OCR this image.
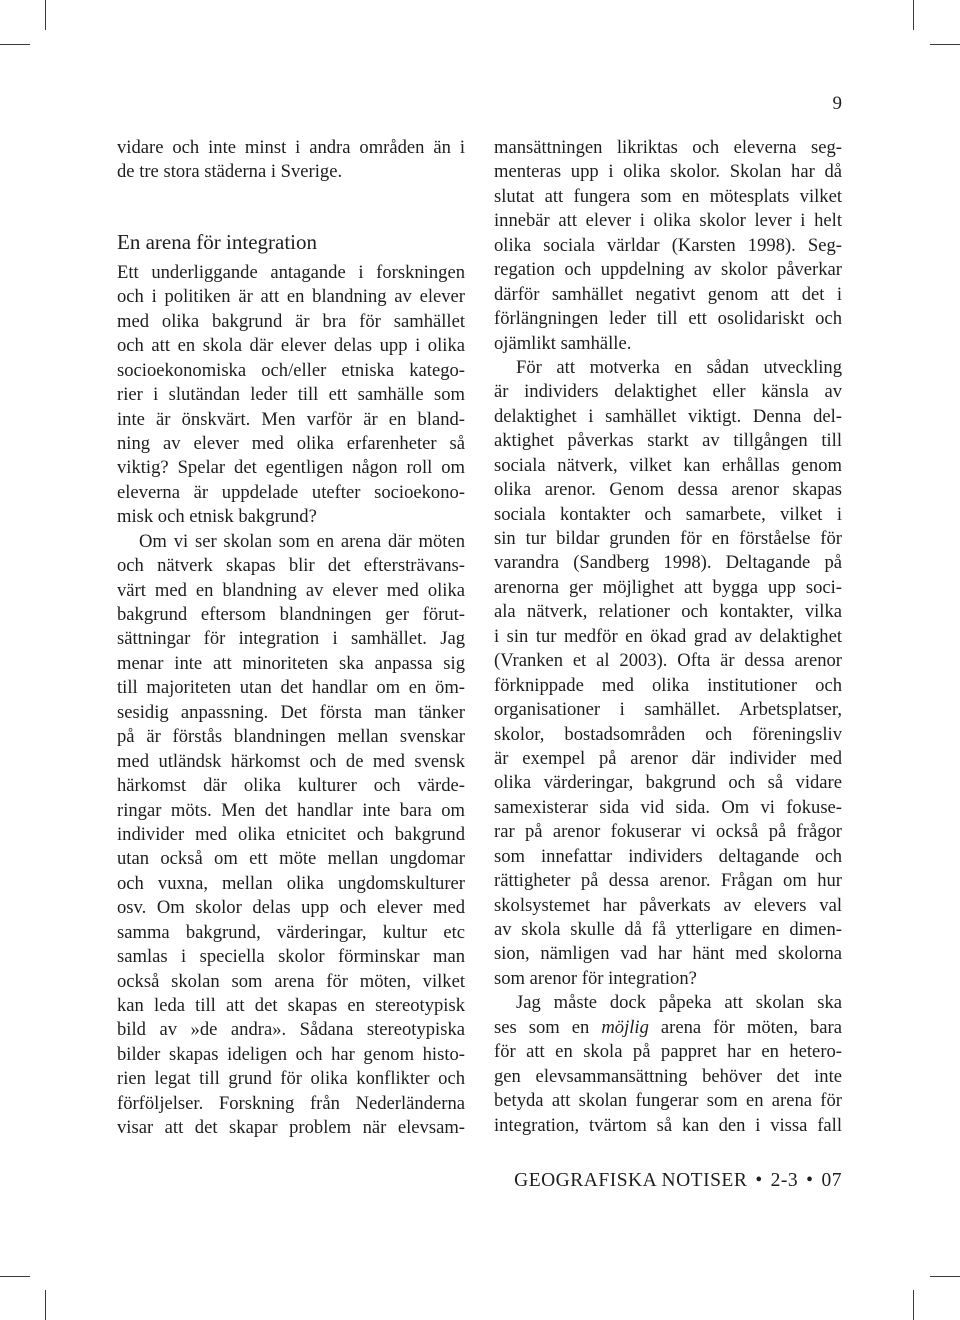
9
vidare och inte minst i andra områden än i
de tre stora städerna i Sverige.
En arena för integration
Ett underliggande antagande i forskningen
och i politiken är att en blandning av elever
med olika bakgrund är bra för samhället
och att en skola där elever delas upp i olika
socioekonomiska och/eller etniska katego-
rier i slutändan leder till ett samhälle som
inte är önskvärt. Men varför är en bland-
ning av elever med olika erfarenheter så
viktig? Spelar det egentligen någon roll om
eleverna är uppdelade utefter socioekono-
misk och etnisk bakgrund?
Om vi ser skolan som en arena där möten
och nätverk skapas blir det eftersträvans-
värt med en blandning av elever med olika
bakgrund eftersom blandningen ger förut-
sättningar för integration i samhället. Jag
menar inte att minoriteten ska anpassa sig
till majoriteten utan det handlar om en öm-
sesidig anpassning. Det första man tänker
på är förstås blandningen mellan svenskar
med utländsk härkomst och de med svensk
härkomst där olika kulturer och värde-
ringar möts. Men det handlar inte bara om
individer med olika etnicitet och bakgrund
utan också om ett möte mellan ungdomar
och vuxna, mellan olika ungdomskulturer
osv. Om skolor delas upp och elever med
samma bakgrund, värderingar, kultur etc
samlas i speciella skolor förminskar man
också skolan som arena för möten, vilket
kan leda till att det skapas en stereotypisk
bild av »de andra». Sådana stereotypiska
bilder skapas ideligen och har genom histo-
rien legat till grund för olika konflikter och
förföljelser. Forskning från Nederländerna
visar att det skapar problem när elevsam-
mansättningen likriktas och eleverna seg-
menteras upp i olika skolor. Skolan har då
slutat att fungera som en mötesplats vilket
innebär att elever i olika skolor lever i helt
olika sociala världar (Karsten 1998). Seg-
regation och uppdelning av skolor påverkar
därför samhället negativt genom att det i
förlängningen leder till ett osolidariskt och
ojämlikt samhälle.
För att motverka en sådan utveckling
är individers delaktighet eller känsla av
delaktighet i samhället viktigt. Denna del-
aktighet påverkas starkt av tillgången till
sociala nätverk, vilket kan erhållas genom
olika arenor. Genom dessa arenor skapas
sociala kontakter och samarbete, vilket i
sin tur bildar grunden för en förståelse för
varandra (Sandberg 1998). Deltagande på
arenorna ger möjlighet att bygga upp soci-
ala nätverk, relationer och kontakter, vilka
i sin tur medför en ökad grad av delaktighet
(Vranken et al 2003). Ofta är dessa arenor
förknippade med olika institutioner och
organisationer i samhället. Arbetsplatser,
skolor, bostadsområden och föreningsliv
är exempel på arenor där individer med
olika värderingar, bakgrund och så vidare
samexisterar sida vid sida. Om vi fokuse-
rar på arenor fokuserar vi också på frågor
som innefattar individers deltagande och
rättigheter på dessa arenor. Frågan om hur
skolsystemet har påverkats av elevers val
av skola skulle då få ytterligare en dimen-
sion, nämligen vad har hänt med skolorna
som arenor för integration?
Jag måste dock påpeka att skolan ska
ses som en möjlig arena för möten, bara
för att en skola på pappret har en hetero-
gen elevsammansättning behöver det inte
betyda att skolan fungerar som en arena för
integration, tvärtom så kan den i vissa fall
GEOGRAFISKA NOTISER • 2-3 • 07
